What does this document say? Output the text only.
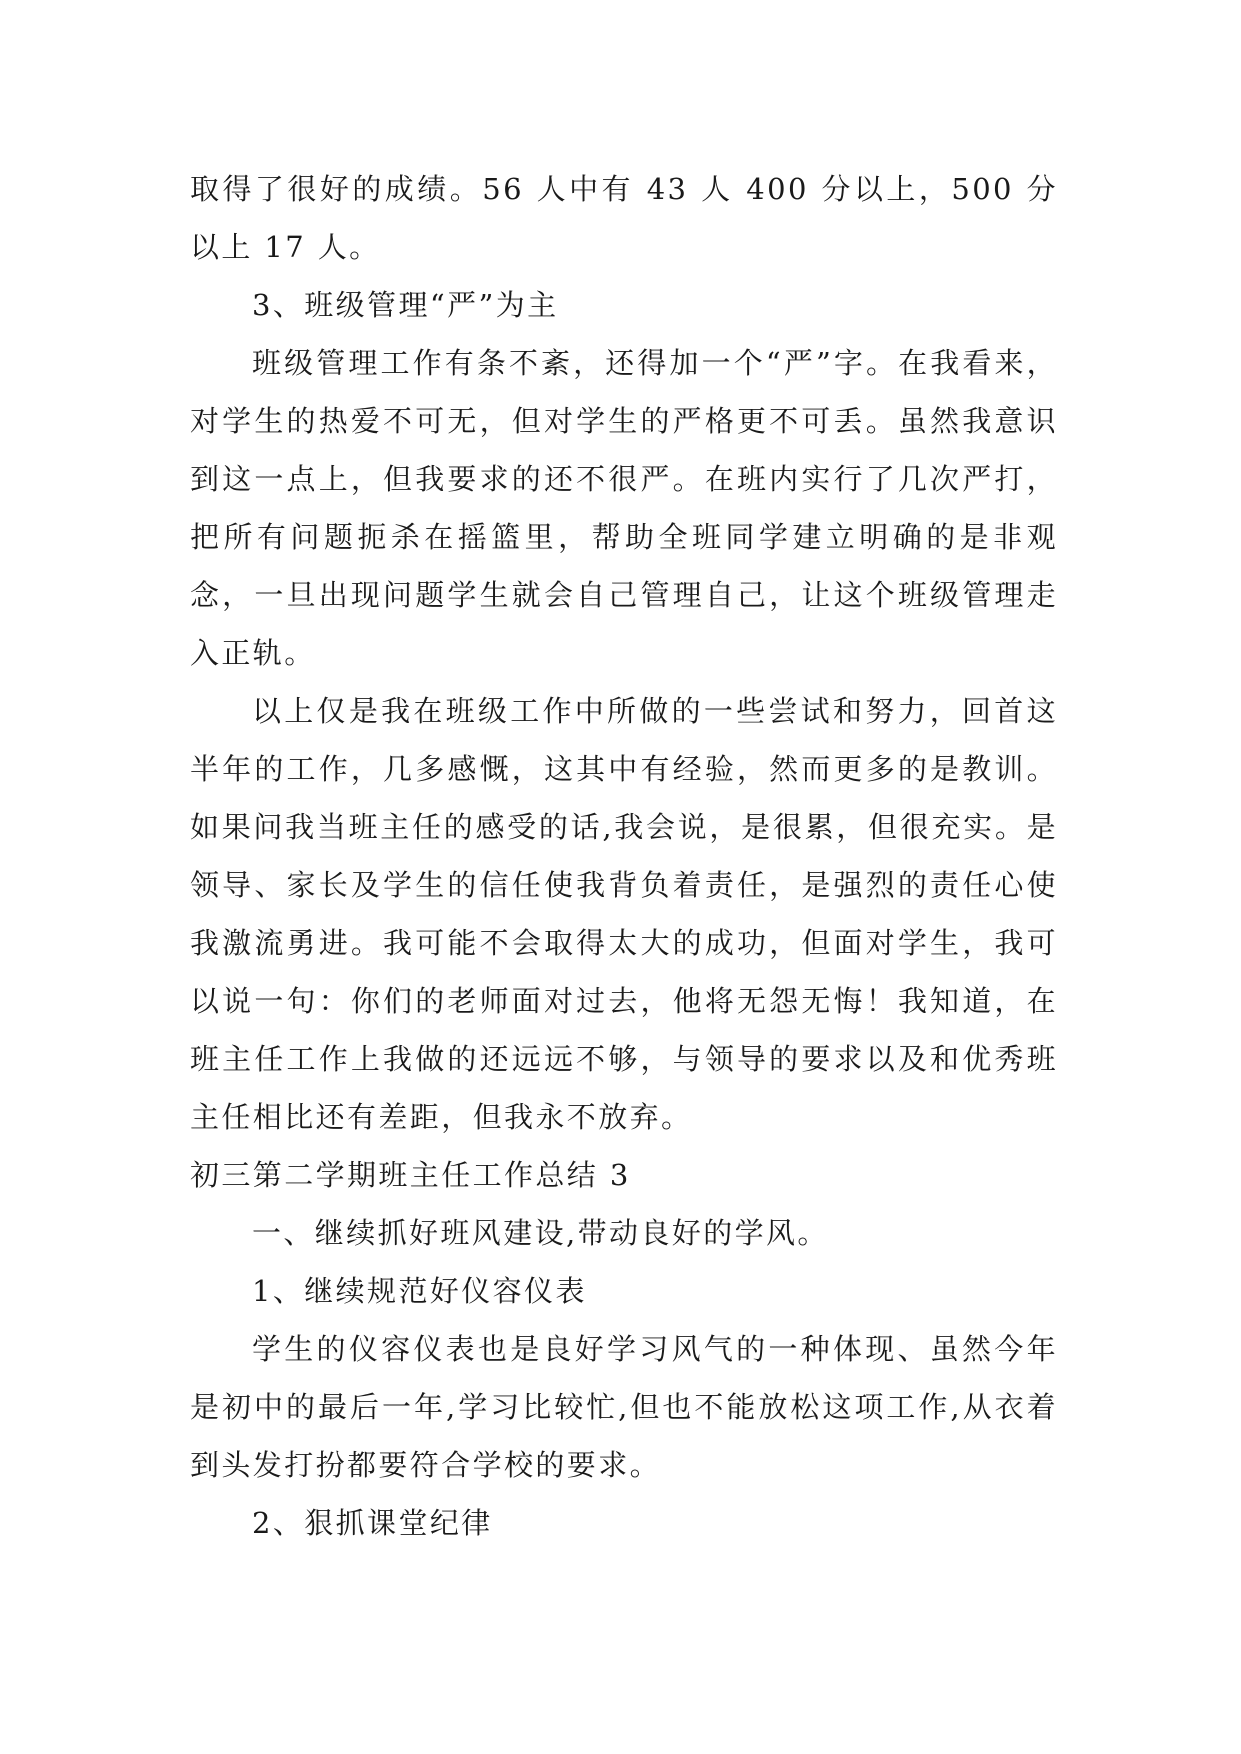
取得了很好的成绩。56 人中有 43 人 400 分以上，500 分以上 17 人。

3、班级管理“严”为主

班级管理工作有条不紊，还得加一个“严”字。在我看来，对学生的热爱不可无，但对学生的严格更不可丢。虽然我意识到这一点上，但我要求的还不很严。在班内实行了几次严打，把所有问题扼杀在摇篮里，帮助全班同学建立明确的是非观念，一旦出现问题学生就会自己管理自己，让这个班级管理走入正轨。

以上仅是我在班级工作中所做的一些尝试和努力，回首这半年的工作，几多感慨，这其中有经验，然而更多的是教训。如果问我当班主任的感受的话,我会说，是很累，但很充实。是领导、家长及学生的信任使我背负着责任，是强烈的责任心使我激流勇进。我可能不会取得太大的成功，但面对学生，我可以说一句：你们的老师面对过去，他将无怨无悔！我知道，在班主任工作上我做的还远远不够，与领导的要求以及和优秀班主任相比还有差距，但我永不放弃。

初三第二学期班主任工作总结 3

一、继续抓好班风建设,带动良好的学风。

1、继续规范好仪容仪表

学生的仪容仪表也是良好学习风气的一种体现、虽然今年是初中的最后一年,学习比较忙,但也不能放松这项工作,从衣着到头发打扮都要符合学校的要求。

2、狠抓课堂纪律
